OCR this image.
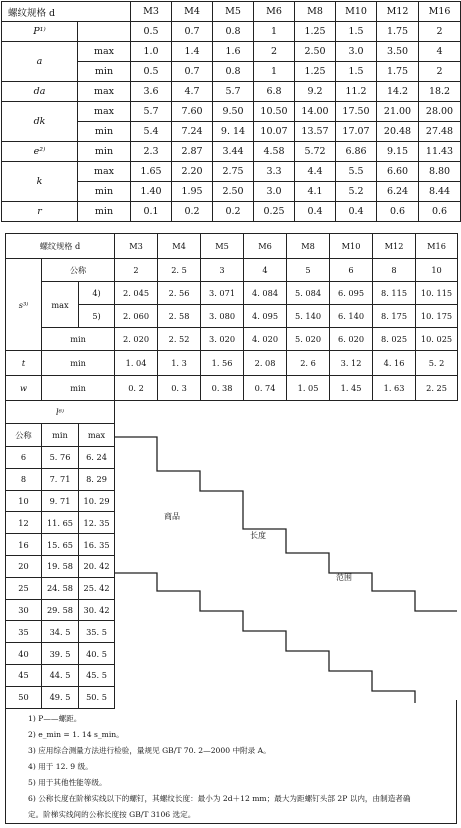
螺纹规格 d		M3	M4	M5	M6	M8	M10	M12	M16
P¹⁾		0.5	0.7	0.8	1	1.25	1.5	1.75	2
a	max	1.0	1.4	1.6	2	2.50	3.0	3.50	4
	min	0.5	0.7	0.8	1	1.25	1.5	1.75	2
da	max	3.6	4.7	5.7	6.8	9.2	11.2	14.2	18.2
dk	max	5.7	7.60	9.50	10.50	14.00	17.50	21.00	28.00
	min	5.4	7.24	9. 14	10.07	13.57	17.07	20.48	27.48
e²⁾	min	2.3	2.87	3.44	4.58	5.72	6.86	9.15	11.43
k	max	1.65	2.20	2.75	3.3	4.4	5.5	6.60	8.80
	min	1.40	1.95	2.50	3.0	4.1	5.2	6.24	8.44
r	min	0.1	0.2	0.2	0.25	0.4	0.4	0.6	0.6
螺纹规格 d			M3	M4	M5	M6	M8	M10	M12	M16
s³⁾	公称		2	2. 5	3	4	5	6	8	10
	max	4)	2. 045	2. 56	3. 071	4. 084	5. 084	6. 095	8. 115	10. 115
		5)	2. 060	2. 58	3. 080	4. 095	5. 140	6. 140	8. 175	10. 175
	min		2. 020	2. 52	3. 020	4. 020	5. 020	6. 020	8. 025	10. 025
t	min		1. 04	1. 3	1. 56	2. 08	2. 6	3. 12	4. 16	5. 2
w	min		0. 2	0. 3	0. 38	0. 74	1. 05	1. 45	1. 63	2. 25
l⁶⁾										
公称	min	max								
6	5. 76	6. 24								
8	7. 71	8. 29								
10	9. 71	10. 29								
12	11. 65	12. 35								
16	15. 65	16. 35								
20	19. 58	20. 42								
25	24. 58	25. 42								
30	29. 58	30. 42								
35	34. 5	35. 5								
40	39. 5	40. 5								
45	44. 5	45. 5								
50	49. 5	50. 5								
商品
长度
范围
1) P——螺距。
2) e_min = 1. 14 s_min。
3) 应用综合测量方法进行检验，量规见 GB/T 70. 2—2000 中附录 A。
4) 用于 12. 9 级。
5) 用于其他性能等级。
6) 公称长度在阶梯实线以下的螺钉，其螺纹长度：最小为 2d＋12 mm；最大为距螺钉头部 2P 以内，由制造者确
定。阶梯实线间的公称长度按 GB/T 3106 选定。
